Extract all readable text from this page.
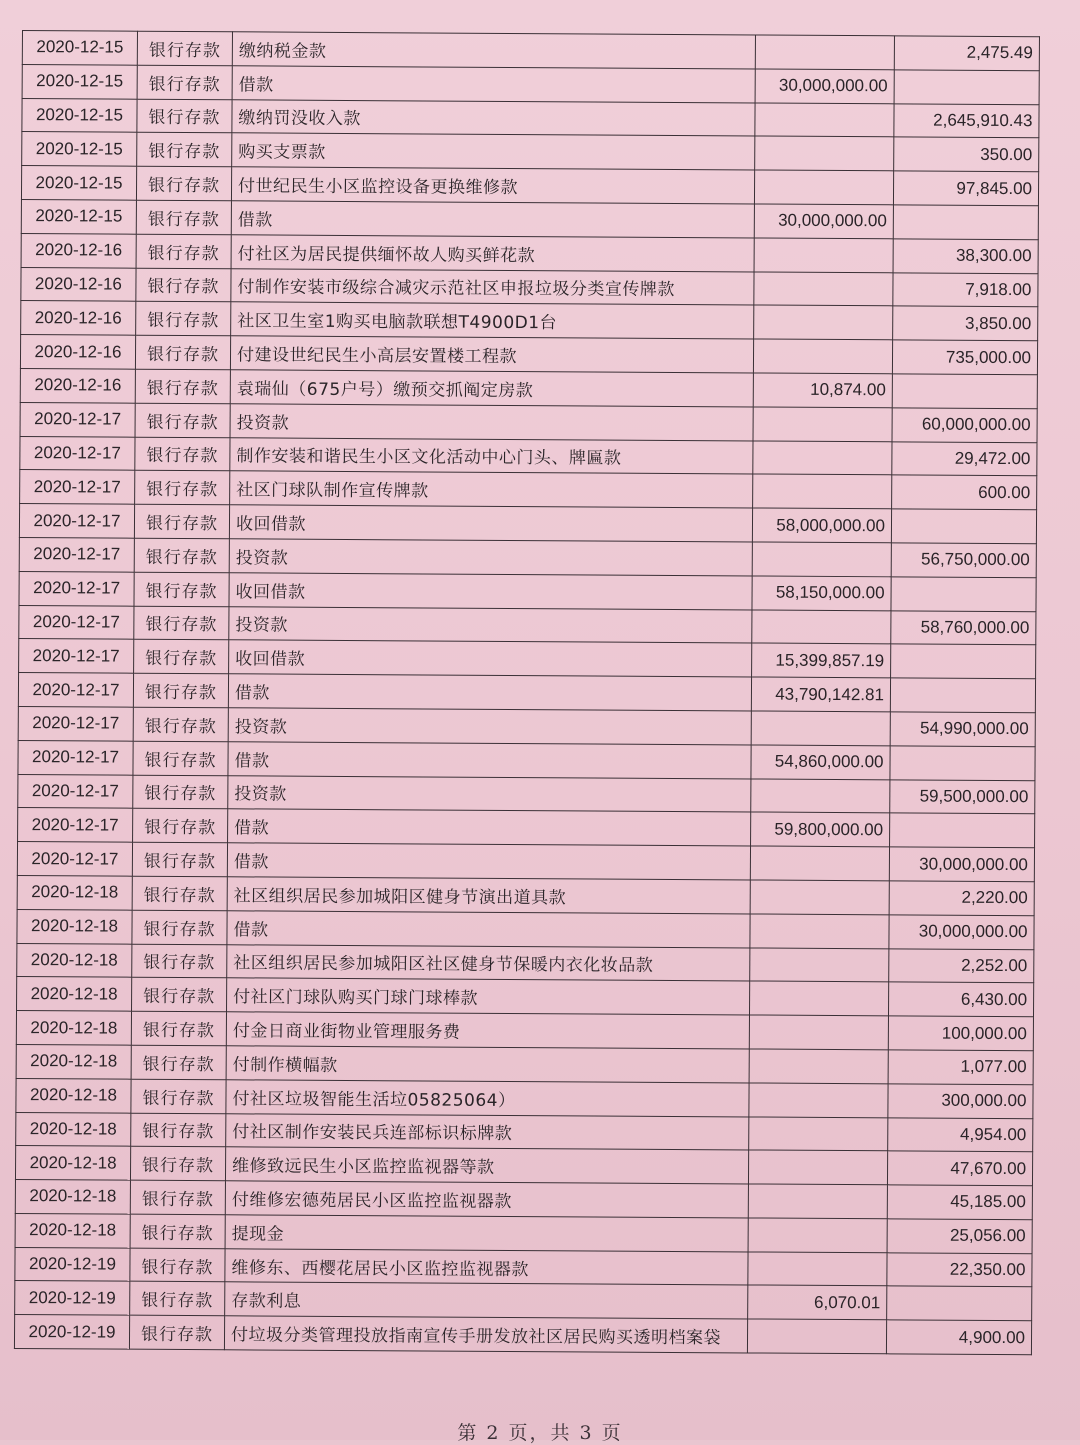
2020-12-15	银行存款	缴纳税金款		2,475.49
2020-12-15	银行存款	借款	30,000,000.00	
2020-12-15	银行存款	缴纳罚没收入款		2,645,910.43
2020-12-15	银行存款	购买支票款		350.00
2020-12-15	银行存款	付世纪民生小区监控设备更换维修款		97,845.00
2020-12-15	银行存款	借款	30,000,000.00	
2020-12-16	银行存款	付社区为居民提供缅怀故人购买鲜花款		38,300.00
2020-12-16	银行存款	付制作安装市级综合减灾示范社区申报垃圾分类宣传牌款		7,918.00
2020-12-16	银行存款	社区卫生室1购买电脑款联想T4900D1台		3,850.00
2020-12-16	银行存款	付建设世纪民生小高层安置楼工程款		735,000.00
2020-12-16	银行存款	袁瑞仙（675户号）缴预交抓阄定房款	10,874.00	
2020-12-17	银行存款	投资款		60,000,000.00
2020-12-17	银行存款	制作安装和谐民生小区文化活动中心门头、牌匾款		29,472.00
2020-12-17	银行存款	社区门球队制作宣传牌款		600.00
2020-12-17	银行存款	收回借款	58,000,000.00	
2020-12-17	银行存款	投资款		56,750,000.00
2020-12-17	银行存款	收回借款	58,150,000.00	
2020-12-17	银行存款	投资款		58,760,000.00
2020-12-17	银行存款	收回借款	15,399,857.19	
2020-12-17	银行存款	借款	43,790,142.81	
2020-12-17	银行存款	投资款		54,990,000.00
2020-12-17	银行存款	借款	54,860,000.00	
2020-12-17	银行存款	投资款		59,500,000.00
2020-12-17	银行存款	借款	59,800,000.00	
2020-12-17	银行存款	借款		30,000,000.00
2020-12-18	银行存款	社区组织居民参加城阳区健身节演出道具款		2,220.00
2020-12-18	银行存款	借款		30,000,000.00
2020-12-18	银行存款	社区组织居民参加城阳区社区健身节保暖内衣化妆品款		2,252.00
2020-12-18	银行存款	付社区门球队购买门球门球棒款		6,430.00
2020-12-18	银行存款	付金日商业街物业管理服务费		100,000.00
2020-12-18	银行存款	付制作横幅款		1,077.00
2020-12-18	银行存款	付社区垃圾智能生活垃05825064）		300,000.00
2020-12-18	银行存款	付社区制作安装民兵连部标识标牌款		4,954.00
2020-12-18	银行存款	维修致远民生小区监控监视器等款		47,670.00
2020-12-18	银行存款	付维修宏德苑居民小区监控监视器款		45,185.00
2020-12-18	银行存款	提现金		25,056.00
2020-12-19	银行存款	维修东、西樱花居民小区监控监视器款		22,350.00
2020-12-19	银行存款	存款利息	6,070.01	
2020-12-19	银行存款	付垃圾分类管理投放指南宣传手册发放社区居民购买透明档案袋		4,900.00
第 2 页，共 3 页
